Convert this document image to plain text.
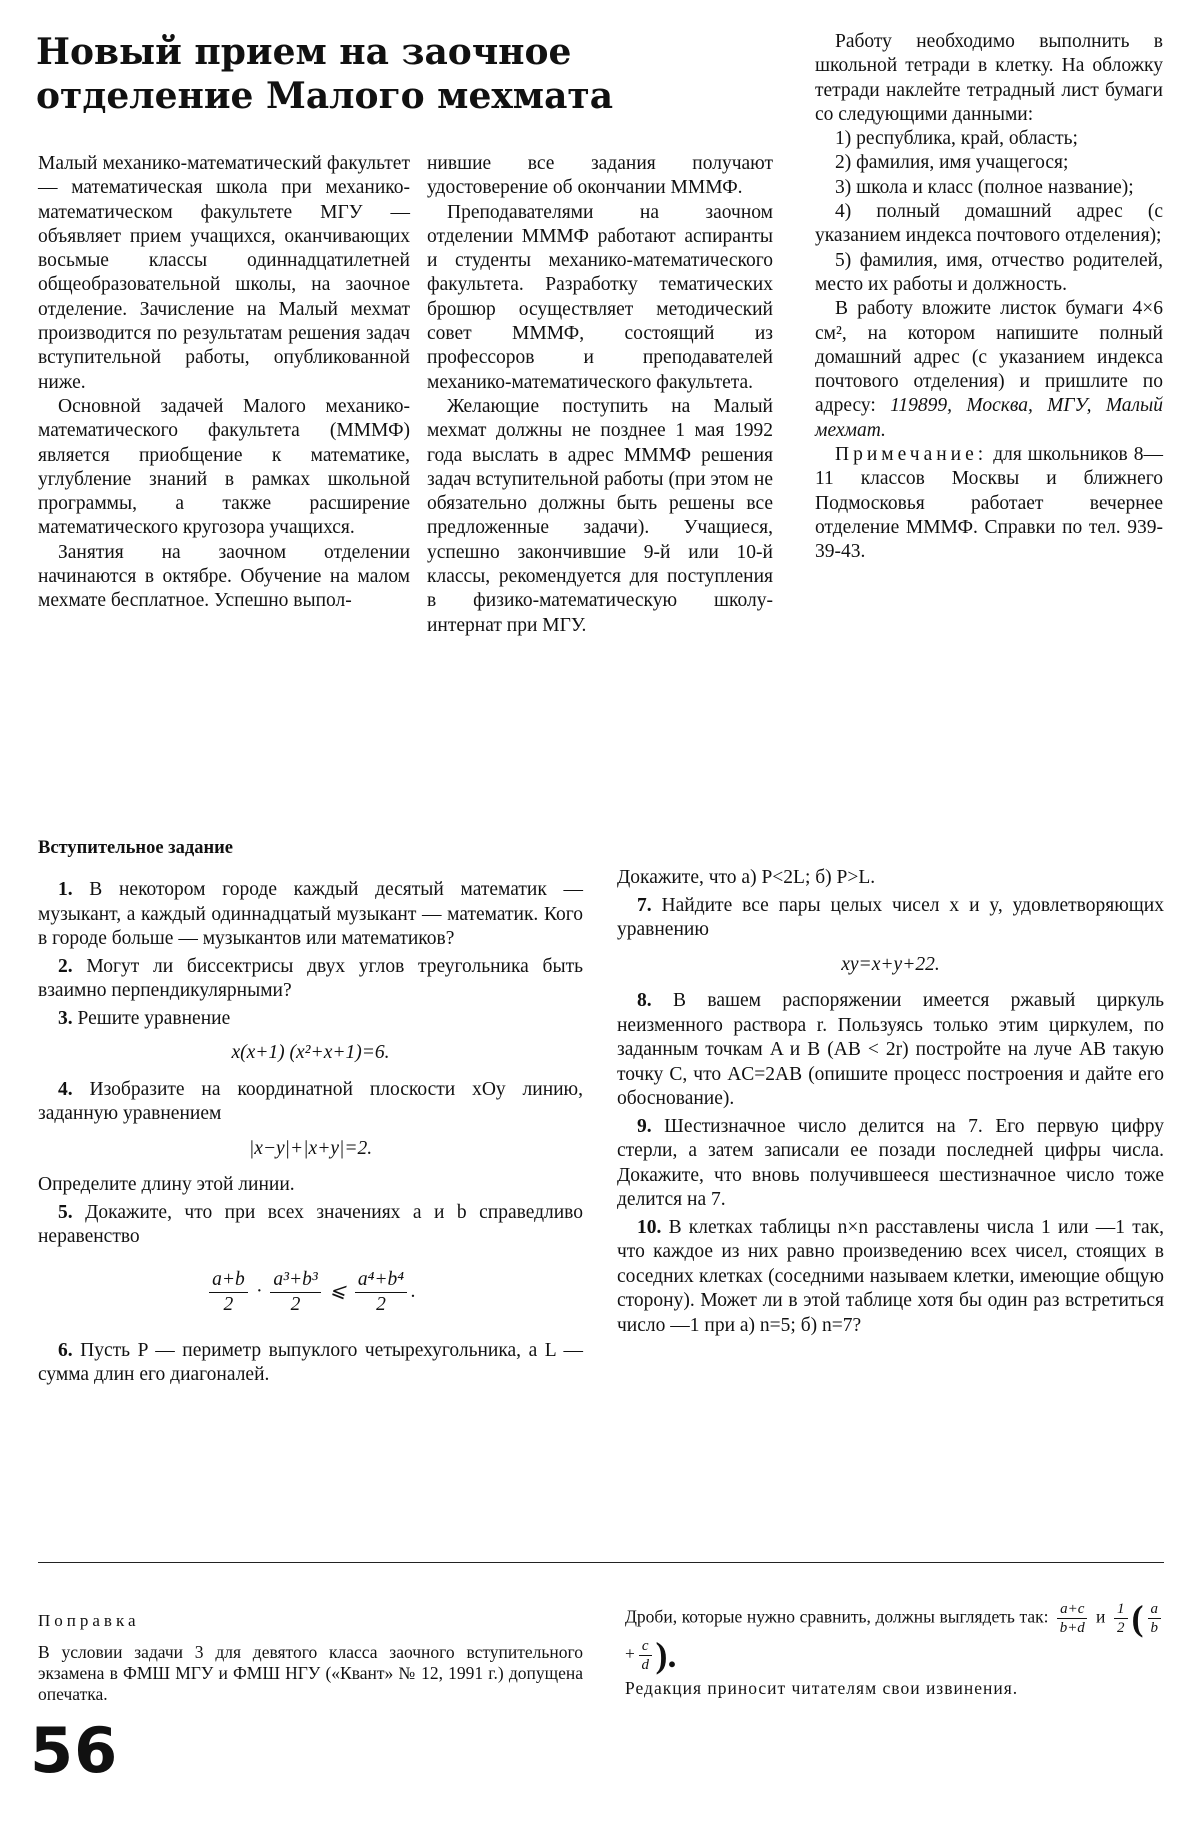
Новый прием на заочное отделение Малого мехмата

Малый механико-математический факультет — математическая школа при механико-математическом факультете МГУ — объявляет прием учащихся, оканчивающих восьмые классы одиннадцатилетней общеобразовательной школы, на заочное отделение. Зачисление на Малый мехмат производится по результатам решения задач вступительной работы, опубликованной ниже.

Основной задачей Малого механико-математического факультета (МММФ) является приобщение к математике, углубление знаний в рамках школьной программы, а также расширение математического кругозора учащихся.

Занятия на заочном отделении начинаются в октябре. Обучение на малом мехмате бесплатное. Успешно выпол-

нившие все задания получают удостоверение об окончании МММФ.

Преподавателями на заочном отделении МММФ работают аспиранты и студенты механико-математического факультета. Разработку тематических брошюр осуществляет методический совет МММФ, состоящий из профессоров и преподавателей механико-математического факультета.

Желающие поступить на Малый мехмат должны не позднее 1 мая 1992 года выслать в адрес МММФ решения задач вступительной работы (при этом не обязательно должны быть решены все предложенные задачи). Учащиеся, успешно закончившие 9-й или 10-й классы, рекомендуется для поступления в физико-математическую школу-интернат при МГУ.

Работу необходимо выполнить в школьной тетради в клетку. На обложку тетради наклейте тетрадный лист бумаги со следующими данными:

1) республика, край, область;

2) фамилия, имя учащегося;

3) школа и класс (полное название);

4) полный домашний адрес (с указанием индекса почтового отделения);

5) фамилия, имя, отчество родителей, место их работы и должность.

В работу вложите листок бумаги 4×6 см², на котором напишите полный домашний адрес (с указанием индекса почтового отделения) и пришлите по адресу: 119899, Москва, МГУ, Малый мехмат.

Примечание: для школьников 8—11 классов Москвы и ближнего Подмосковья работает вечернее отделение МММФ. Справки по тел. 939-39-43.

Вступительное задание

1. В некотором городе каждый десятый математик — музыкант, а каждый одиннадцатый музыкант — математик. Кого в городе больше — музыкантов или математиков?

2. Могут ли биссектрисы двух углов треугольника быть взаимно перпендикулярными?

3. Решите уравнение

x(x+1) (x²+x+1)=6.

4. Изобразите на координатной плоскости xOy линию, заданную уравнением

|x−y|+|x+y|=2.

Определите длину этой линии.

5. Докажите, что при всех значениях a и b справедливо неравенство

$\frac{a+b}{2} \cdot \frac{\text{a³+b³}}{2}$ ⩽ $\frac{\text{a⁴+b⁴}}{2}$ .

6. Пусть P — периметр выпуклого четырехугольника, а L — сумма длин его диагоналей.

Докажите, что а) P<2L; б) P>L.

7. Найдите все пары целых чисел x и y, удовлетворяющих уравнению

xy=x+y+22.

8. В вашем распоряжении имеется ржавый циркуль неизменного раствора r. Пользуясь только этим циркулем, по заданным точкам A и B (AB < 2r) постройте на луче AB такую точку C, что AC=2AB (опишите процесс построения и дайте его обоснование).

9. Шестизначное число делится на 7. Его первую цифру стерли, а затем записали ее позади последней цифры числа. Докажите, что вновь получившееся шестизначное число тоже делится на 7.

10. В клетках таблицы n×n расставлены числа 1 или —1 так, что каждое из них равно произведению всех чисел, стоящих в соседних клетках (соседними называем клетки, имеющие общую сторону). Может ли в этой таблице хотя бы один раз встретиться число —1 при а) n=5; б) n=7?

Поправка
В условии задачи 3 для девятого класса заочного вступительного экзамена в ФМШ МГУ и ФМШ НГУ («Квант» № 12, 1991 г.) допущена опечатка.
Дроби, которые нужно сравнить, должны выглядеть так: $\frac{a+c}{b+d}$ и $\frac{1}{2}$ ( $\frac{a}{b}$
+ $\frac{c}{d}$ ).
Редакция приносит читателям свои извинения.
56
